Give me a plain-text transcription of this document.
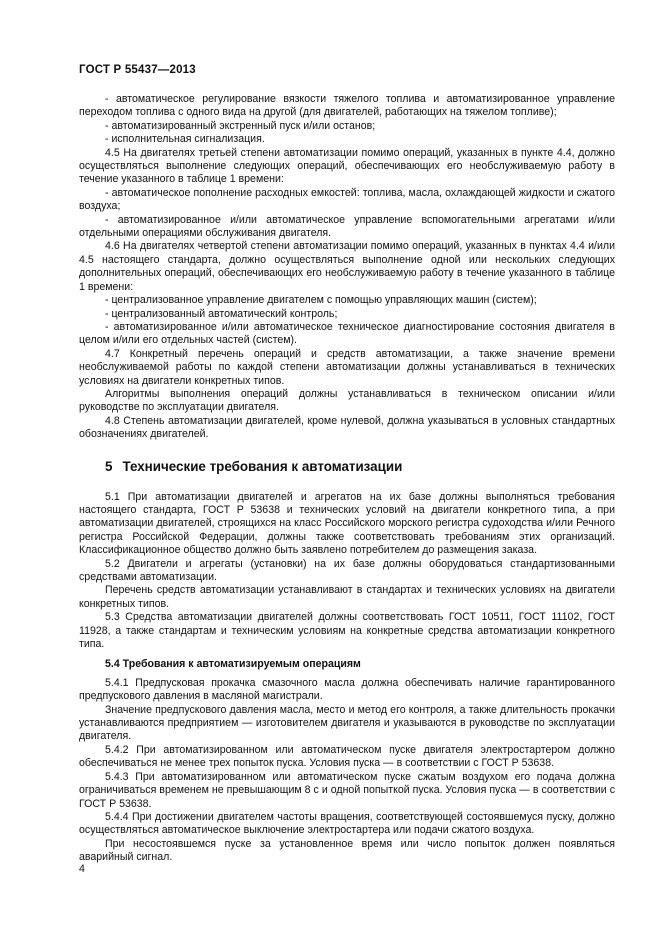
ГОСТ Р 55437—2013

- автоматическое регулирование вязкости тяжелого топлива и автоматизированное управление переходом топлива с одного вида на другой (для двигателей, работающих на тяжелом топливе);

- автоматизированный экстренный пуск и/или останов;

- исполнительная сигнализация.

4.5 На двигателях третьей степени автоматизации помимо операций, указанных в пункте 4.4, должно осуществляться выполнение следующих операций, обеспечивающих его необслуживаемую работу в течение указанного в таблице 1 времени:

- автоматическое пополнение расходных емкостей: топлива, масла, охлаждающей жидкости и сжатого воздуха;

- автоматизированное и/или автоматическое управление вспомогательными агрегатами и/или отдельными операциями обслуживания двигателя.

4.6 На двигателях четвертой степени автоматизации помимо операций, указанных в пунктах 4.4 и/или 4.5 настоящего стандарта, должно осуществляться выполнение одной или нескольких следующих дополнительных операций, обеспечивающих его необслуживаемую работу в течение указанного в таблице 1 времени:

- централизованное управление двигателем с помощью управляющих машин (систем);

- централизованный автоматический контроль;

- автоматизированное и/или автоматическое техническое диагностирование состояния двигателя в целом и/или его отдельных частей (систем).

4.7 Конкретный перечень операций и средств автоматизации, а также значение времени необслуживаемой работы по каждой степени автоматизации должны устанавливаться в технических условиях на двигатели конкретных типов.

Алгоритмы выполнения операций должны устанавливаться в техническом описании и/или руководстве по эксплуатации двигателя.

4.8 Степень автоматизации двигателей, кроме нулевой, должна указываться в условных стандартных обозначениях двигателей.

5 Технические требования к автоматизации

5.1 При автоматизации двигателей и агрегатов на их базе должны выполняться требования настоящего стандарта, ГОСТ Р 53638 и технических условий на двигатели конкретного типа, а при автоматизации двигателей, строящихся на класс Российского морского регистра судоходства и/или Речного регистра Российской Федерации, должны также соответствовать требованиям этих организаций. Классификационное общество должно быть заявлено потребителем до размещения заказа.

5.2 Двигатели и агрегаты (установки) на их базе должны оборудоваться стандартизованными средствами автоматизации.

Перечень средств автоматизации устанавливают в стандартах и технических условиях на двигатели конкретных типов.

5.3 Средства автоматизации двигателей должны соответствовать ГОСТ 10511, ГОСТ 11102, ГОСТ 11928, а также стандартам и техническим условиям на конкретные средства автоматизации конкретного типа.

5.4 Требования к автоматизируемым операциям

5.4.1 Предпусковая прокачка смазочного масла должна обеспечивать наличие гарантированного предпускового давления в масляной магистрали.

Значение предпускового давления масла, место и метод его контроля, а также длительность прокачки устанавливаются предприятием — изготовителем двигателя и указываются в руководстве по эксплуатации двигателя.

5.4.2 При автоматизированном или автоматическом пуске двигателя электростартером должно обеспечиваться не менее трех попыток пуска. Условия пуска — в соответствии с ГОСТ Р 53638.

5.4.3 При автоматизированном или автоматическом пуске сжатым воздухом его подача должна ограничиваться временем не превышающим 8 с и одной попыткой пуска. Условия пуска — в соответствии с ГОСТ Р 53638.

5.4.4 При достижении двигателем частоты вращения, соответствующей состоявшемуся пуску, должно осуществляться автоматическое выключение электростартера или подачи сжатого воздуха.

При несостоявшемся пуске за установленное время или число попыток должен появляться аварийный сигнал.

4
